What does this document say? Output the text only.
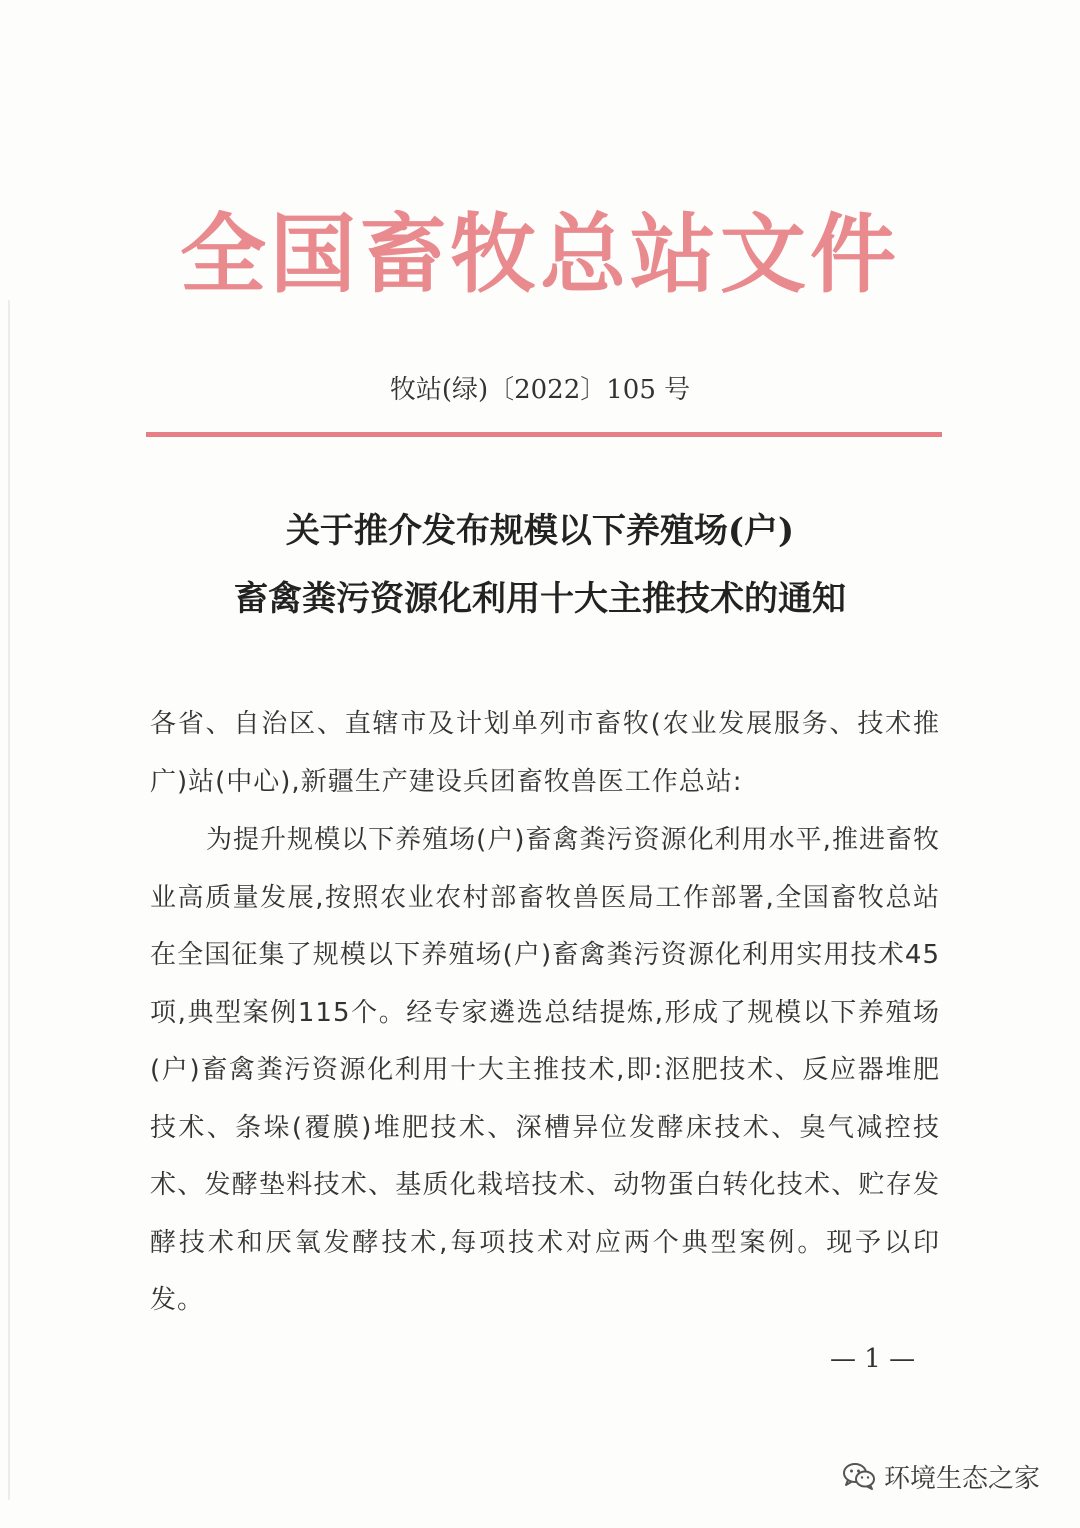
全国畜牧总站文件
牧站(绿)〔2022〕105 号
关于推介发布规模以下养殖场(户)
畜禽粪污资源化利用十大主推技术的通知
各省、自治区、直辖市及计划单列市畜牧(农业发展服务、技术推广)站(中心),新疆生产建设兵团畜牧兽医工作总站:
为提升规模以下养殖场(户)畜禽粪污资源化利用水平,推进畜牧业高质量发展,按照农业农村部畜牧兽医局工作部署,全国畜牧总站在全国征集了规模以下养殖场(户)畜禽粪污资源化利用实用技术45项,典型案例115个。经专家遴选总结提炼,形成了规模以下养殖场(户)畜禽粪污资源化利用十大主推技术,即:沤肥技术、反应器堆肥技术、条垛(覆膜)堆肥技术、深槽异位发酵床技术、臭气减控技术、发酵垫料技术、基质化栽培技术、动物蛋白转化技术、贮存发酵技术和厌氧发酵技术,每项技术对应两个典型案例。现予以印发。
— 1 —
环境生态之家
